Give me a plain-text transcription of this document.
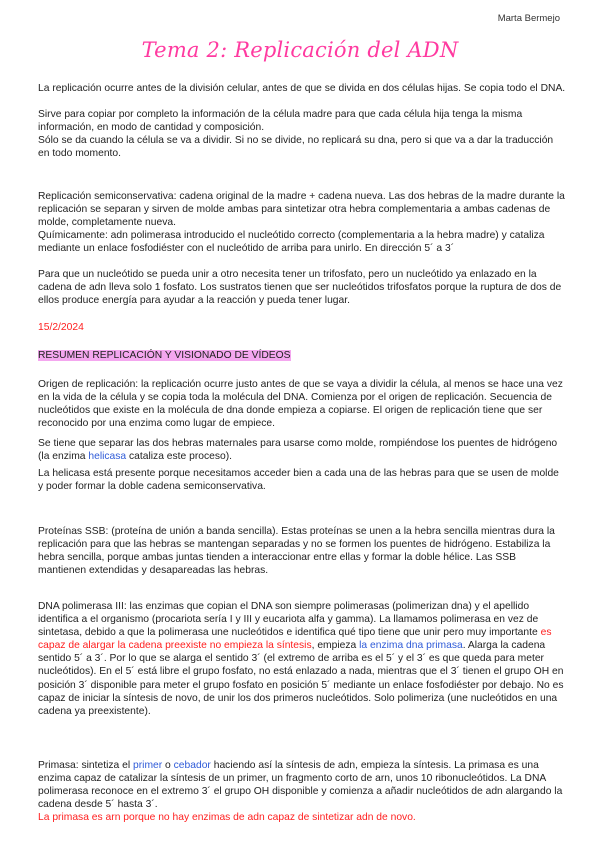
Marta Bermejo
Tema 2: Replicación del ADN

La replicación ocurre antes de la división celular, antes de que se divida en dos células hijas. Se copia todo el DNA.

Sirve para copiar por completo la información de la célula madre para que cada célula hija tenga la misma información, en modo de cantidad y composición.

Sólo se da cuando la célula se va a dividir. Si no se divide, no replicará su dna, pero si que va a dar la traducción en todo momento.

Replicación semiconservativa: cadena original de la madre + cadena nueva. Las dos hebras de la madre durante la replicación se separan y sirven de molde ambas para sintetizar otra hebra complementaria a ambas cadenas de molde, completamente nueva.

Químicamente: adn polimerasa introducido el nucleótido correcto (complementaria a la hebra madre) y cataliza mediante un enlace fosfodiéster con el nucleótido de arriba para unirlo. En dirección 5´ a 3´

Para que un nucleótido se pueda unir a otro necesita tener un trifosfato, pero un nucleótido ya enlazado en la cadena de adn lleva solo 1 fosfato. Los sustratos tienen que ser nucleótidos trifosfatos porque la ruptura de dos de ellos produce energía para ayudar a la reacción y pueda tener lugar.

15/2/2024

RESUMEN REPLICACIÓN Y VISIONADO DE VÍDEOS

Origen de replicación: la replicación ocurre justo antes de que se vaya a dividir la célula, al menos se hace una vez en la vida de la célula y se copia toda la molécula del DNA. Comienza por el origen de replicación. Secuencia de nucleótidos que existe en la molécula de dna donde empieza a copiarse. El origen de replicación tiene que ser reconocido por una enzima como lugar de empiece.

Se tiene que separar las dos hebras maternales para usarse como molde, rompiéndose los puentes de hidrógeno (la enzima helicasa cataliza este proceso).

La helicasa está presente porque necesitamos acceder bien a cada una de las hebras para que se usen de molde y poder formar la doble cadena semiconservativa.

Proteínas SSB: (proteína de unión a banda sencilla). Estas proteínas se unen a la hebra sencilla mientras dura la replicación para que las hebras se mantengan separadas y no se formen los puentes de hidrógeno. Estabiliza la hebra sencilla, porque ambas juntas tienden a interaccionar entre ellas y formar la doble hélice. Las SSB mantienen extendidas y desapareadas las hebras.

DNA polimerasa III: las enzimas que copian el DNA son siempre polimerasas (polimerizan dna) y el apellido identifica a el organismo (procariota sería I y III y eucariota alfa y gamma). La llamamos polimerasa en vez de sintetasa, debido a que la polimerasa une nucleótidos e identifica qué tipo tiene que unir pero muy importante es capaz de alargar la cadena preexiste no empieza la síntesis, empieza la enzima dna primasa. Alarga la cadena sentido 5´ a 3´. Por lo que se alarga el sentido 3´ (el extremo de arriba es el 5´ y el 3´ es que queda para meter nucleótidos). En el 5´ está libre el grupo fosfato, no está enlazado a nada, mientras que el 3´ tienen el grupo OH en posición 3´ disponible para meter el grupo fosfato en posición 5´ mediante un enlace fosfodiéster por debajo. No es capaz de iniciar la síntesis de novo, de unir los dos primeros nucleótidos. Solo polimeriza (une nucleótidos en una cadena ya preexistente).

Primasa: sintetiza el primer o cebador haciendo así la síntesis de adn, empieza la síntesis. La primasa es una enzima capaz de catalizar la síntesis de un primer, un fragmento corto de arn, unos 10 ribonucleótidos. La DNA polimerasa reconoce en el extremo 3´ el grupo OH disponible y comienza a añadir nucleótidos de adn alargando la cadena desde 5´ hasta 3´.
La primasa es arn porque no hay enzimas de adn capaz de sintetizar adn de novo.
